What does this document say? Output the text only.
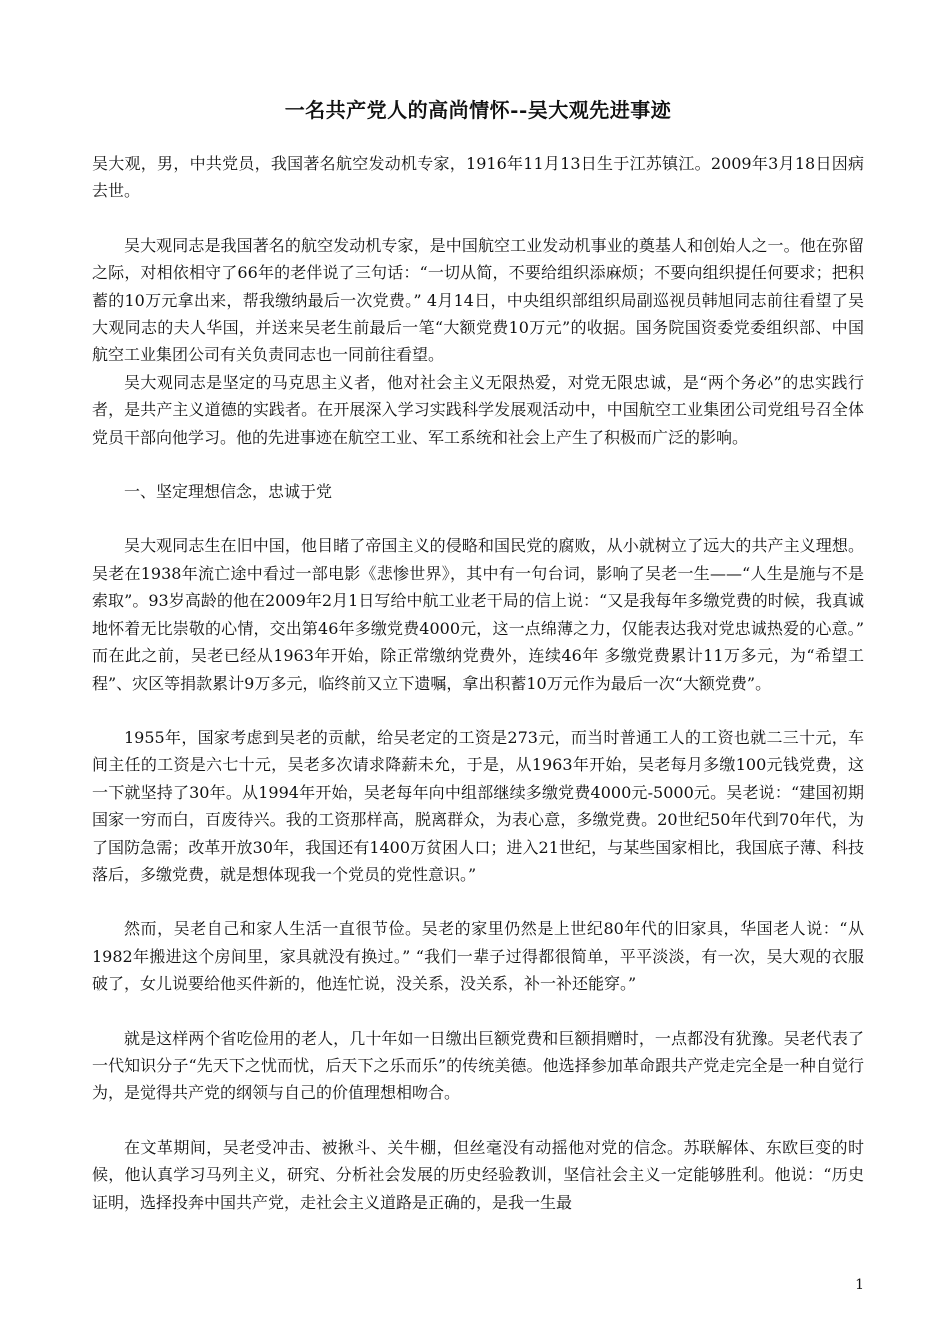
一名共产党人的高尚情怀--吴大观先进事迹

吴大观，男，中共党员，我国著名航空发动机专家，1916年11月13日生于江苏镇江。2009年3月18日因病去世。

吴大观同志是我国著名的航空发动机专家，是中国航空工业发动机事业的奠基人和创始人之一。他在弥留之际，对相依相守了66年的老伴说了三句话：“一切从简，不要给组织添麻烦；不要向组织提任何要求；把积蓄的10万元拿出来，帮我缴纳最后一次党费。” 4月14日，中央组织部组织局副巡视员韩旭同志前往看望了吴大观同志的夫人华国，并送来吴老生前最后一笔“大额党费10万元”的收据。国务院国资委党委组织部、中国航空工业集团公司有关负责同志也一同前往看望。

吴大观同志是坚定的马克思主义者，他对社会主义无限热爱，对党无限忠诚，是“两个务必”的忠实践行者，是共产主义道德的实践者。在开展深入学习实践科学发展观活动中，中国航空工业集团公司党组号召全体党员干部向他学习。他的先进事迹在航空工业、军工系统和社会上产生了积极而广泛的影响。

一、坚定理想信念，忠诚于党

吴大观同志生在旧中国，他目睹了帝国主义的侵略和国民党的腐败，从小就树立了远大的共产主义理想。吴老在1938年流亡途中看过一部电影《悲惨世界》，其中有一句台词，影响了吴老一生——“人生是施与不是索取”。93岁高龄的他在2009年2月1日写给中航工业老干局的信上说：“又是我每年多缴党费的时候，我真诚地怀着无比崇敬的心情，交出第46年多缴党费4000元，这一点绵薄之力，仅能表达我对党忠诚热爱的心意。” 而在此之前，吴老已经从1963年开始，除正常缴纳党费外，连续46年 多缴党费累计11万多元，为“希望工程”、灾区等捐款累计9万多元，临终前又立下遗嘱，拿出积蓄10万元作为最后一次“大额党费”。

1955年，国家考虑到吴老的贡献，给吴老定的工资是273元，而当时普通工人的工资也就二三十元，车间主任的工资是六七十元，吴老多次请求降薪未允，于是，从1963年开始，吴老每月多缴100元钱党费，这一下就坚持了30年。从1994年开始，吴老每年向中组部继续多缴党费4000元-5000元。吴老说：“建国初期国家一穷而白，百废待兴。我的工资那样高，脱离群众，为表心意，多缴党费。20世纪50年代到70年代，为了国防急需；改革开放30年，我国还有1400万贫困人口；进入21世纪，与某些国家相比，我国底子薄、科技落后，多缴党费，就是想体现我一个党员的党性意识。”

然而，吴老自己和家人生活一直很节俭。吴老的家里仍然是上世纪80年代的旧家具，华国老人说：“从1982年搬进这个房间里，家具就没有换过。” “我们一辈子过得都很简单，平平淡淡，有一次，吴大观的衣服破了，女儿说要给他买件新的，他连忙说，没关系，没关系，补一补还能穿。”

就是这样两个省吃俭用的老人，几十年如一日缴出巨额党费和巨额捐赠时，一点都没有犹豫。吴老代表了一代知识分子“先天下之忧而忧，后天下之乐而乐”的传统美德。他选择参加革命跟共产党走完全是一种自觉行为，是觉得共产党的纲领与自己的价值理想相吻合。

在文革期间，吴老受冲击、被揪斗、关牛棚，但丝毫没有动摇他对党的信念。苏联解体、东欧巨变的时候，他认真学习马列主义，研究、分析社会发展的历史经验教训，坚信社会主义一定能够胜利。他说：“历史证明，选择投奔中国共产党，走社会主义道路是正确的，是我一生最

1
